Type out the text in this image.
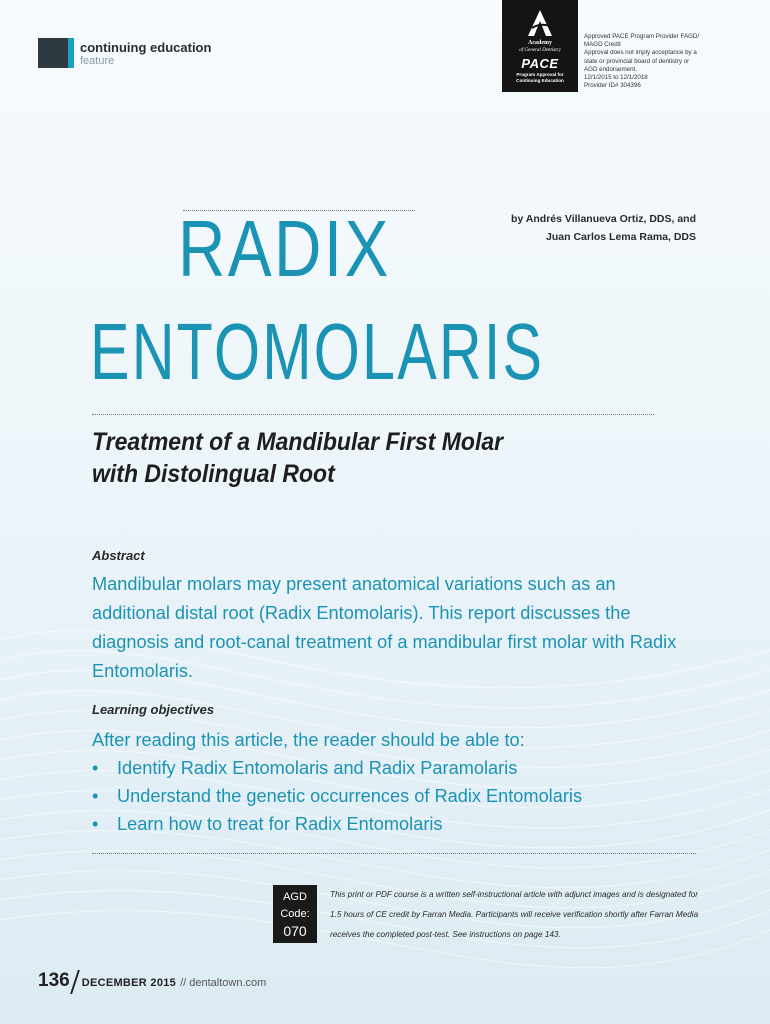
continuing education
feature
Academy
of General Dentistry
PACE
Program Approval for
Continuing Education
Approved PACE Program Provider FAGD/
MAGD Credit
Approval does not imply acceptance by a
state or provincial board of dentistry or
AGD endorsement.
12/1/2015 to 12/1/2018
Provider ID# 304396
by Andrés Villanueva Ortiz, DDS, and
Juan Carlos Lema Rama, DDS
RADIX
ENTOMOLARIS
Treatment of a Mandibular First Molar
with Distolingual Root
Abstract
Mandibular molars may present anatomical variations such as an additional distal root (Radix Entomolaris). This report discusses the diagnosis and root-canal treatment of a mandibular first molar with Radix Entomolaris.
Learning objectives
After reading this article, the reader should be able to:
• Identify Radix Entomolaris and Radix Paramolaris
• Understand the genetic occurrences of Radix Entomolaris
• Learn how to treat for Radix Entomolaris
AGD
Code:
070
This print or PDF course is a written self-instructional article with adjunct images and is designated for 1.5 hours of CE credit by Farran Media. Participants will receive verification shortly after Farran Media receives the completed post-test. See instructions on page 143.
136 DECEMBER 2015 // dentaltown.com
